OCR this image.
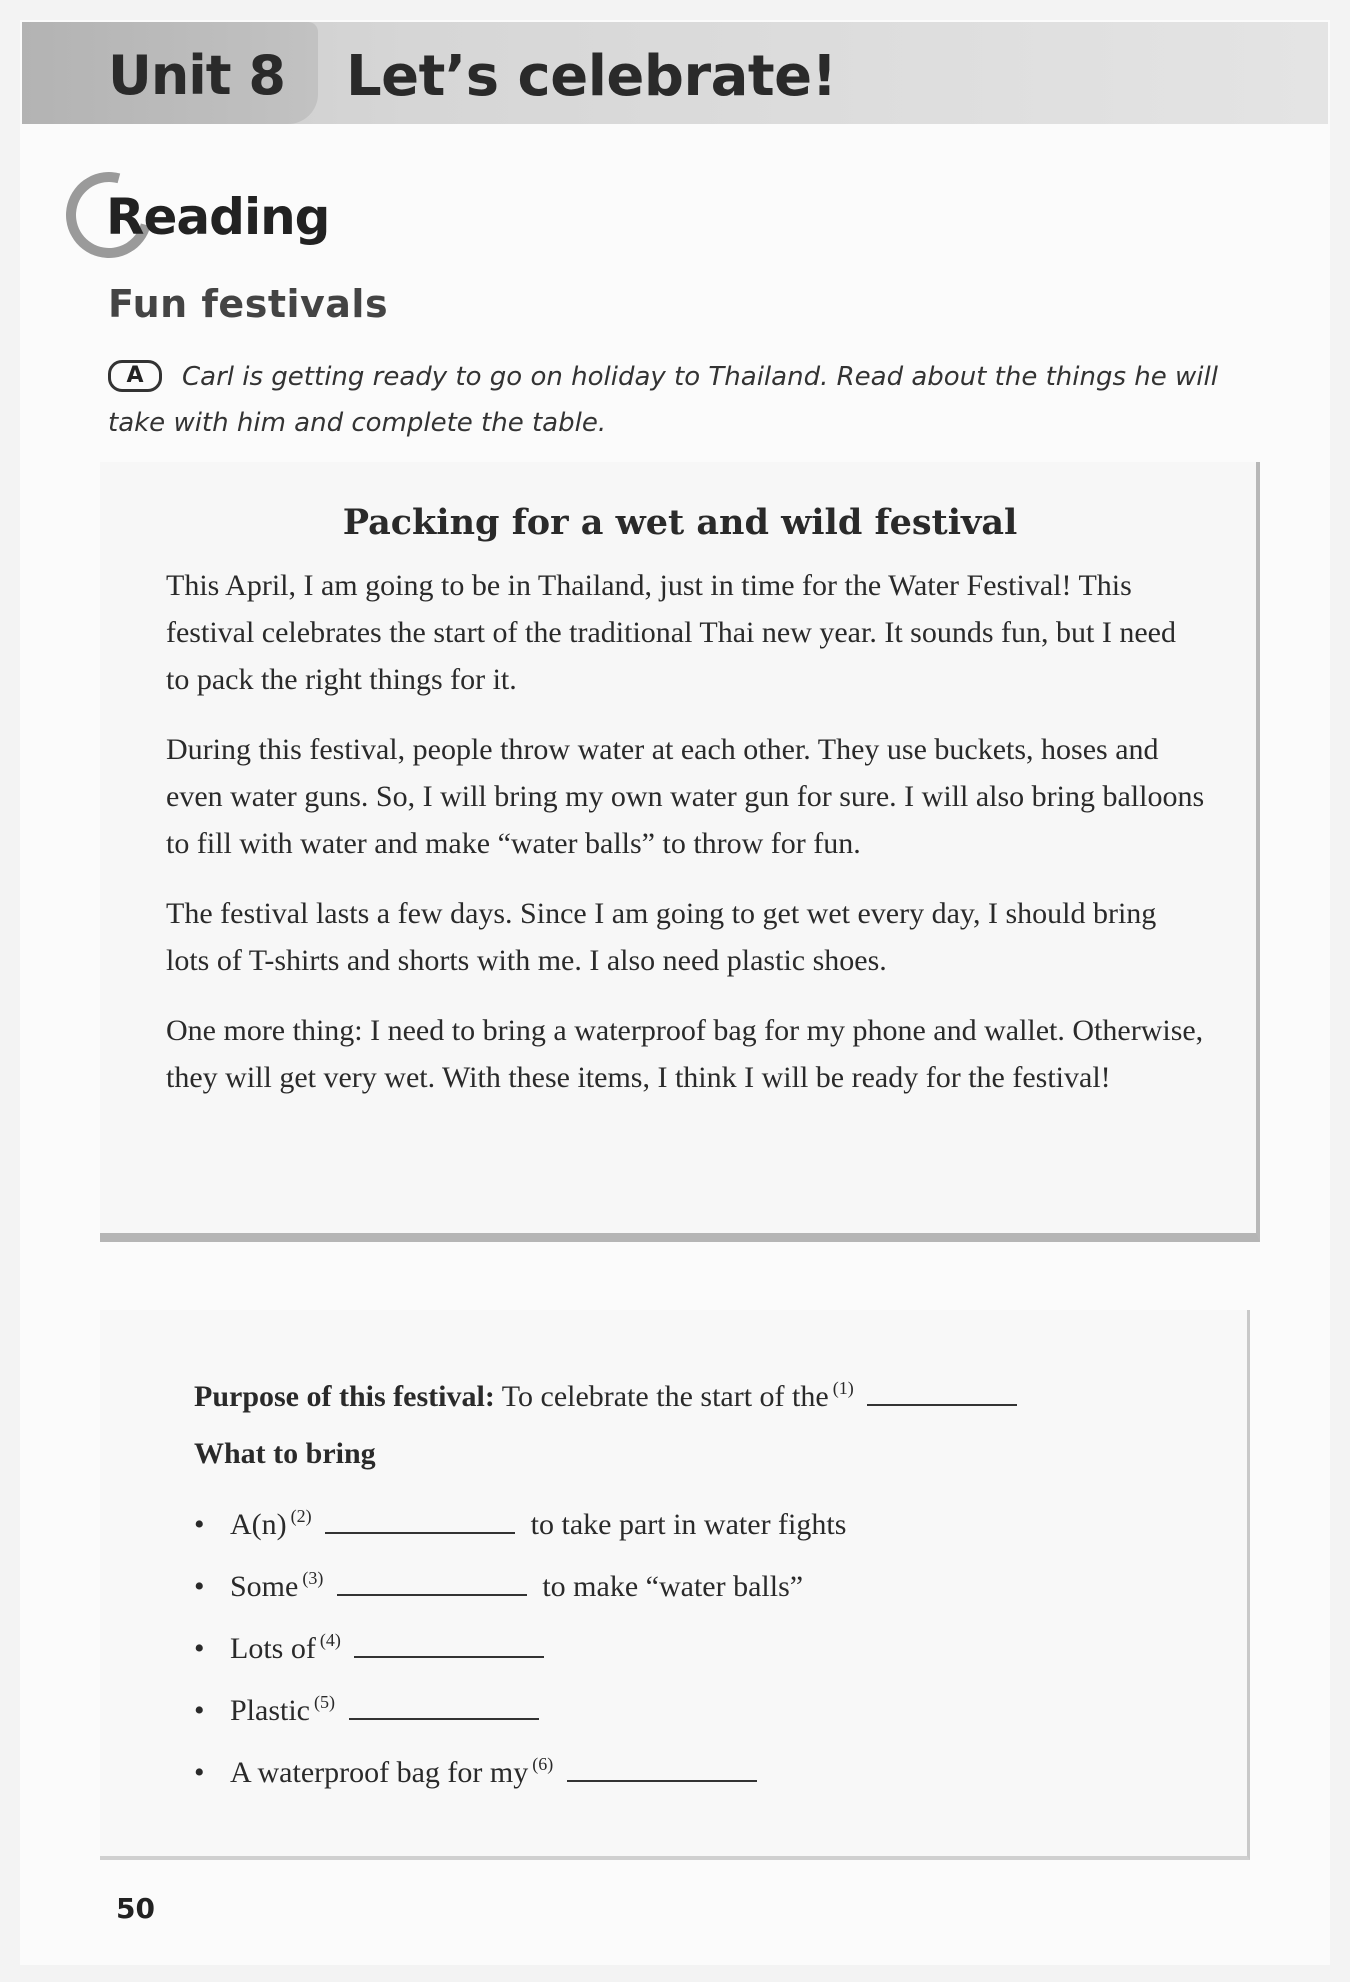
Unit 8 Let’s celebrate!
Reading
Fun festivals
Carl is getting ready to go on holiday to Thailand. Read about the things he will take with him and complete the table.
A
Packing for a wet and wild festival

This April, I am going to be in Thailand, just in time for the Water Festival! This festival celebrates the start of the traditional Thai new year. It sounds fun, but I need to pack the right things for it.

During this festival, people throw water at each other. They use buckets, hoses and even water guns. So, I will bring my own water gun for sure. I will also bring balloons to fill with water and make “water balls” to throw for fun.

The festival lasts a few days. Since I am going to get wet every day, I should bring lots of T-shirts and shorts with me. I also need plastic shoes.

One more thing: I need to bring a waterproof bag for my phone and wallet. Otherwise, they will get very wet. With these items, I think I will be ready for the festival!

Purpose of this festival: To celebrate the start of the $^{(1)}$
What to bring
• A(n) $^{(2)}$	to take part in water fights
• Some $^{(3)}$	to make “water balls”
• Lots of $^{(4)}$
• Plastic $^{(5)}$
• A waterproof bag for my $^{(6)}$
50
